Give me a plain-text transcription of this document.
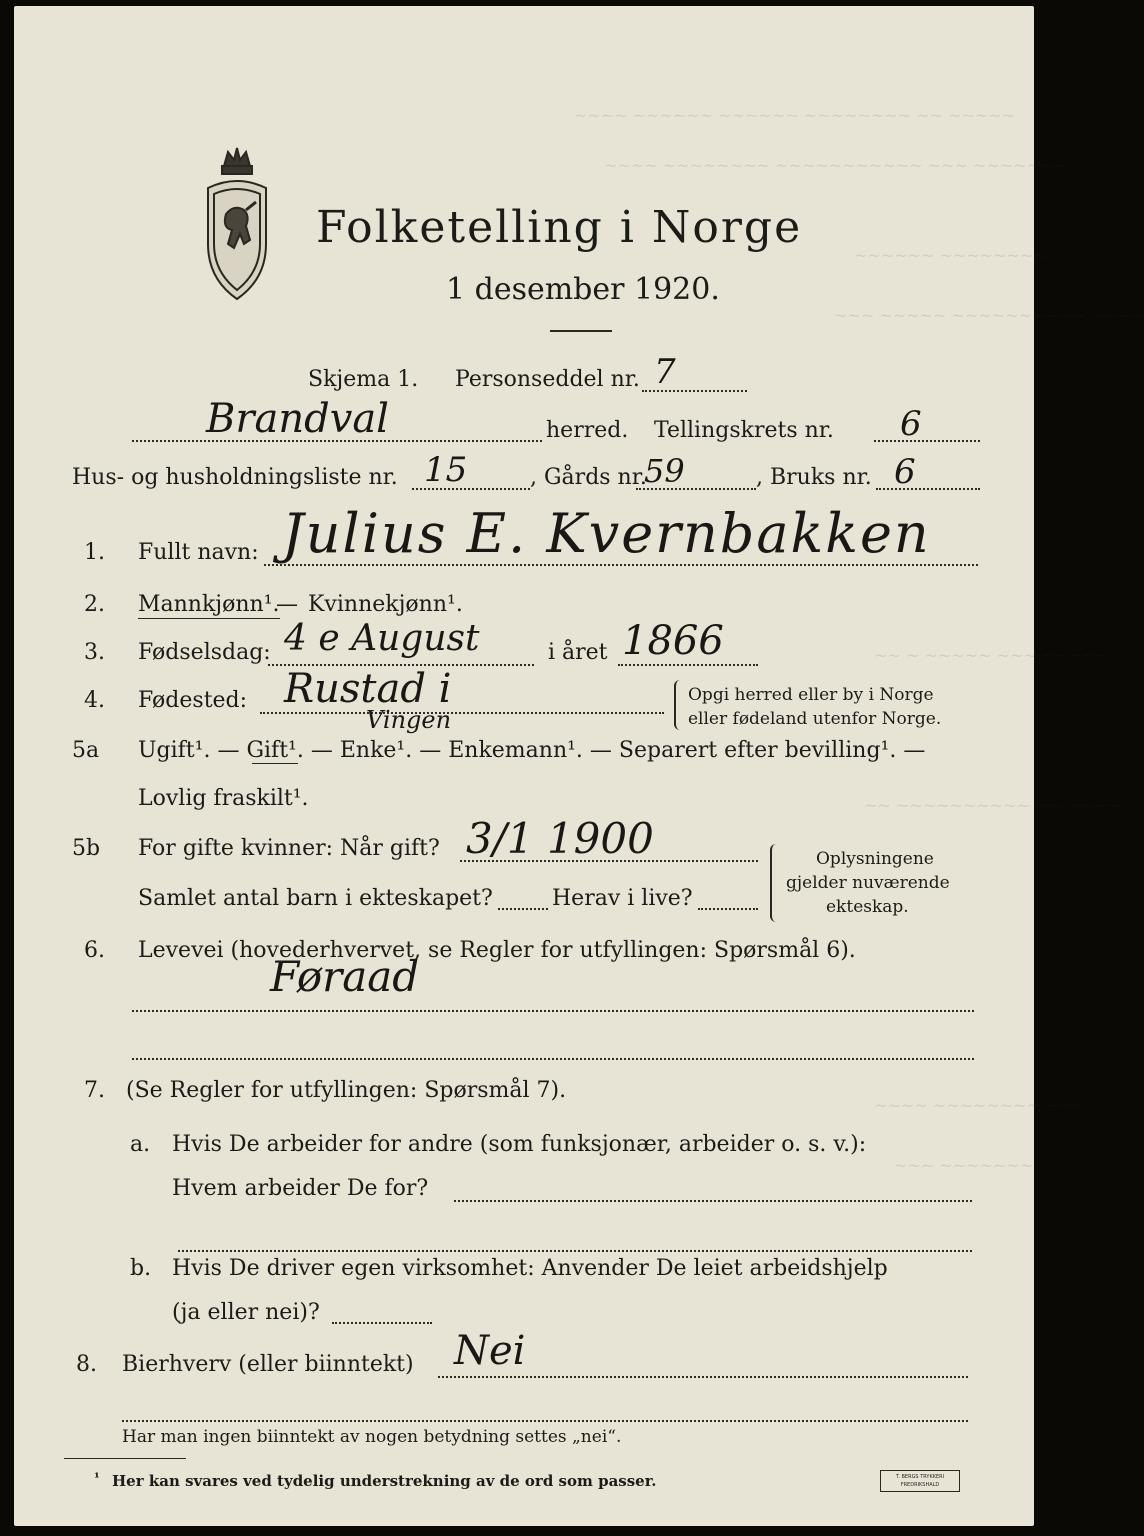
~~~~ ~~~~~~ ~~~~~~ ~~~~~~~~ ~~ ~~~~~
~~~~ ~~~~~~~~ ~~~~~~~~~~~ ~~~ ~~~~~~~
~~~~~~ ~~~~~~~~
~~~ ~~~~~ ~~~~~~~~~~ ~~~~
~~ ~ ~~~~~ ~~~ ~~~~~
~~ ~~~~~~~~~~ ~~ ~~~~
~~~~ ~~~~~~~~ ~~~
~~~ ~~~~~~~
Folketelling i Norge
1 desember 1920.
Skjema 1. Personseddel nr. 7
Brandval	herred. Tellingskrets nr. 6
Hus- og husholdningsliste nr. 15	, Gårds nr.
59	, Bruks nr. 6
1. Fullt navn: Julius E. Kvernbakken
2. Mannkjønn¹.
— Kvinnekjønn¹.
3. Fødselsdag: 4 e August	i året 1866
4. Fødested: Rustad i
Vingen
Opgi herred eller by i Norge
eller fødeland utenfor Norge.
5a Ugift¹. — Gift¹. — Enke¹. — Enkemann¹. — Separert efter bevilling¹. —
Lovlig fraskilt¹.
5b For gifte kvinner: Når gift? 3/1 1900
Samlet antal barn i ekteskapet?	Herav i live?
Oplysningene
gjelder nuværende
ekteskap.
6. Levevei (hovederhvervet, se Regler for utfyllingen: Spørsmål 6).
Føraad
7. (Se Regler for utfyllingen: Spørsmål 7).
a. Hvis De arbeider for andre (som funksjonær, arbeider o. s. v.):
Hvem arbeider De for?
b. Hvis De driver egen virksomhet: Anvender De leiet arbeidshjelp
(ja eller nei)?
8. Bierhverv (eller biinntekt) Nei
Har man ingen biinntekt av nogen betydning settes „nei“.
¹ Her kan svares ved tydelig understrekning av de ord som passer.	T. BERGS TRYKKERI FREDRIKSHALD
